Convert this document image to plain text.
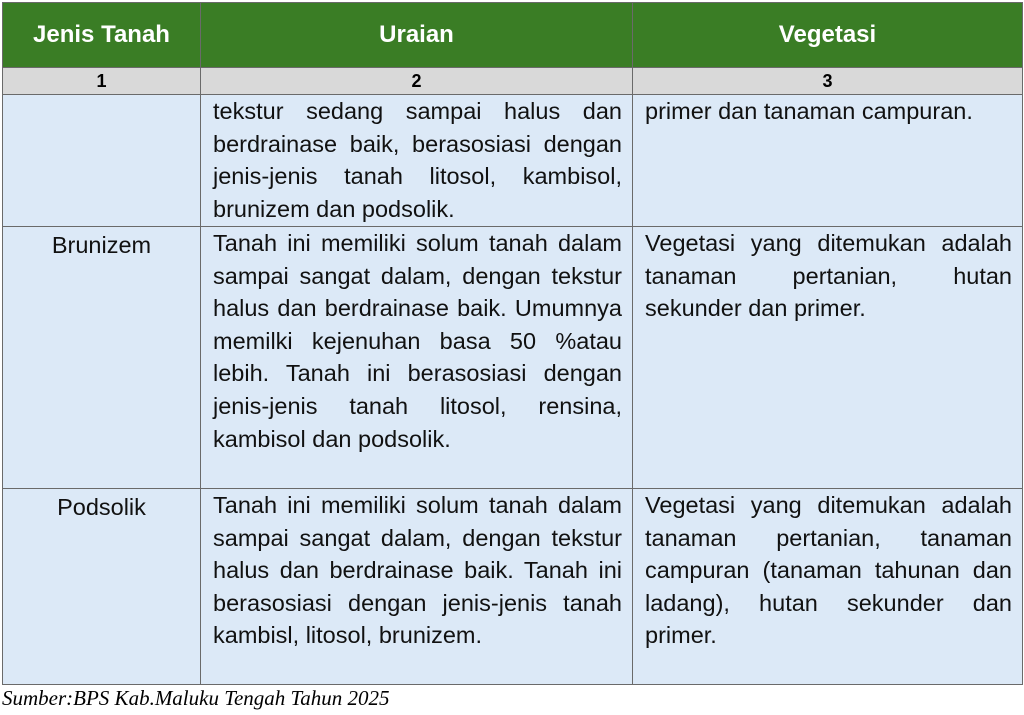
Jenis Tanah	Uraian	Vegetasi
1	2	3
	tekstur sedang sampai halus dan berdrainase baik, berasosiasi dengan jenis-jenis tanah litosol, kambisol, brunizem dan podsolik.	primer dan tanaman campuran.
Brunizem	Tanah ini memiliki solum tanah dalam sampai sangat dalam, dengan tekstur halus dan berdrainase baik. Umumnya memilki kejenuhan basa 50 %atau lebih. Tanah ini berasosiasi dengan jenis-jenis tanah litosol, rensina, kambisol dan podsolik.	Vegetasi yang ditemukan adalah tanaman pertanian, hutan sekunder dan primer.
Podsolik	Tanah ini memiliki solum tanah dalam sampai sangat dalam, dengan tekstur halus dan berdrainase baik. Tanah ini berasosiasi dengan jenis-jenis tanah kambisl, litosol, brunizem.	Vegetasi yang ditemukan adalah tanaman pertanian, tanaman campuran (tanaman tahunan dan ladang), hutan sekunder dan primer.
Sumber:BPS Kab.Maluku Tengah Tahun 2025
